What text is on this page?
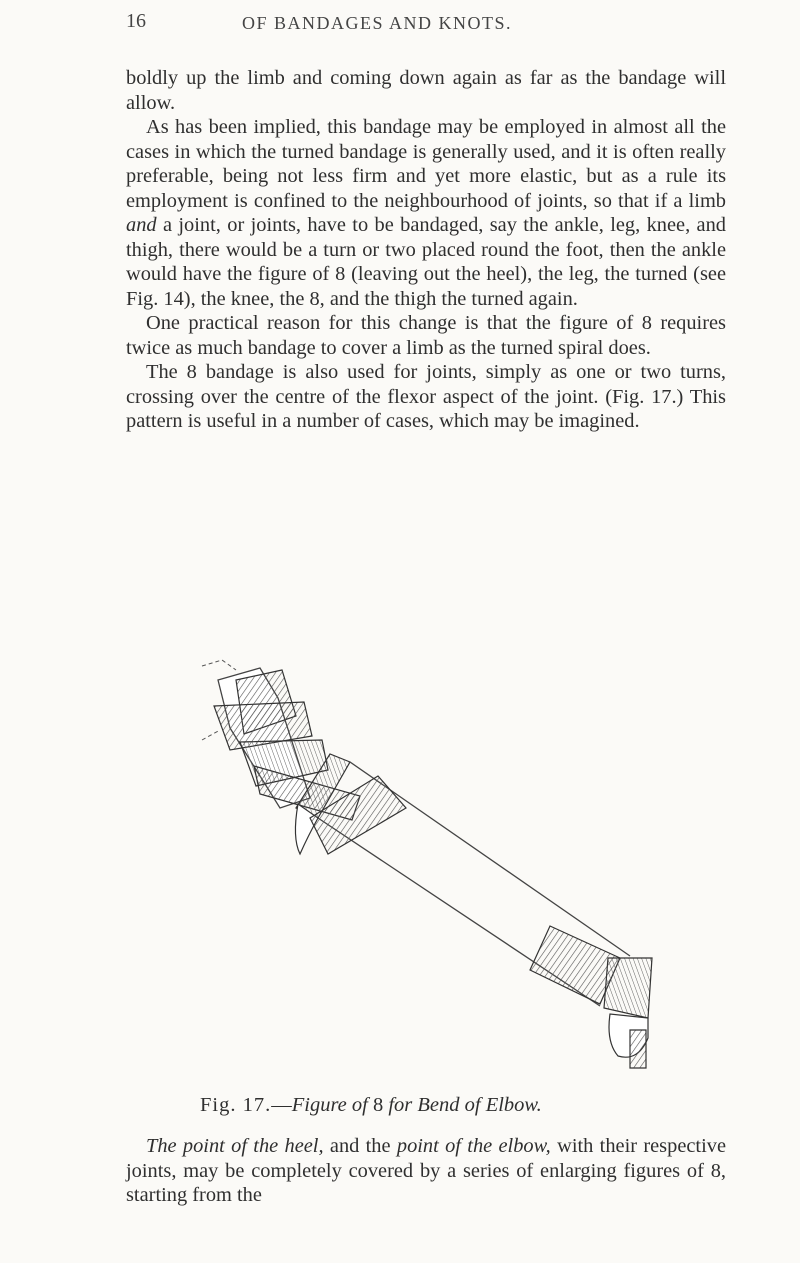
16	OF BANDAGES AND KNOTS.

boldly up the limb and coming down again as far as the bandage will allow.

As has been implied, this bandage may be employed in almost all the cases in which the turned bandage is generally used, and it is often really preferable, being not less firm and yet more elastic, but as a rule its employment is confined to the neighbourhood of joints, so that if a limb and a joint, or joints, have to be bandaged, say the ankle, leg, knee, and thigh, there would be a turn or two placed round the foot, then the ankle would have the figure of 8 (leaving out the heel), the leg, the turned (see Fig. 14), the knee, the 8, and the thigh the turned again.

One practical reason for this change is that the figure of 8 requires twice as much bandage to cover a limb as the turned spiral does.

The 8 bandage is also used for joints, simply as one or two turns, crossing over the centre of the flexor aspect of the joint. (Fig. 17.) This pattern is useful in a number of cases, which may be imagined.

Fig. 17.—Figure of 8 for Bend of Elbow.

The point of the heel, and the point of the elbow, with their respective joints, may be completely covered by a series of enlarging figures of 8, starting from the
